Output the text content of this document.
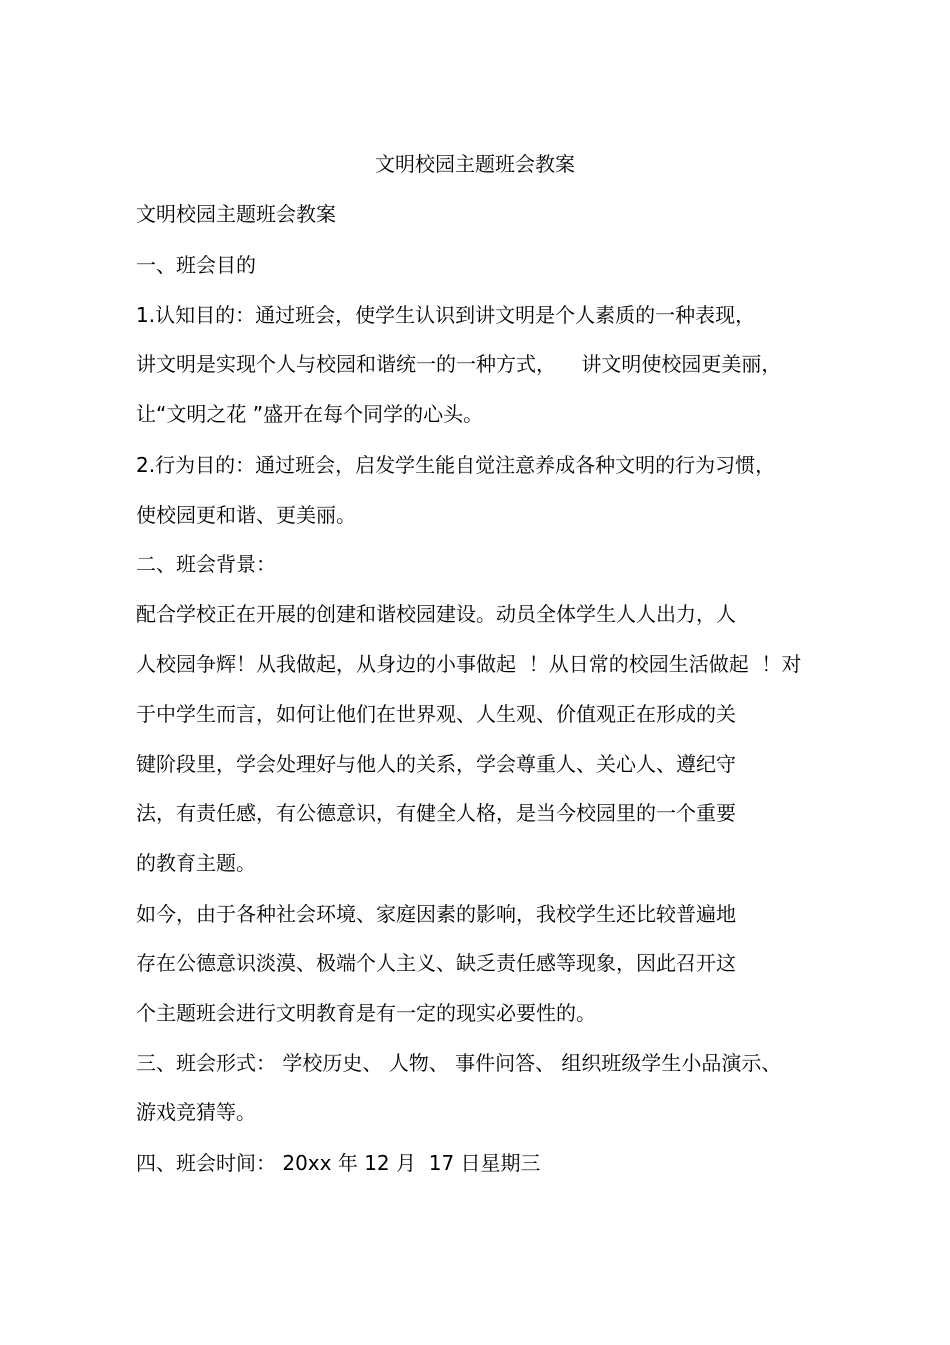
文明校园主题班会教案
文明校园主题班会教案
一、班会目的
1.认知目的：通过班会，使学生认识到讲文明是个人素质的一种表现，
讲文明是实现个人与校园和谐统一的一种方式，    讲文明使校园更美丽，
让“文明之花 ”盛开在每个同学的心头。
2.行为目的：通过班会，启发学生能自觉注意养成各种文明的行为习惯，
使校园更和谐、更美丽。
二、班会背景：
配合学校正在开展的创建和谐校园建设。动员全体学生人人出力，人
人校园争辉！从我做起，从身边的小事做起  ！从日常的校园生活做起  ！对
于中学生而言，如何让他们在世界观、人生观、价值观正在形成的关
键阶段里，学会处理好与他人的关系，学会尊重人、关心人、遵纪守
法，有责任感，有公德意识，有健全人格，是当今校园里的一个重要
的教育主题。
如今，由于各种社会环境、家庭因素的影响，我校学生还比较普遍地
存在公德意识淡漠、极端个人主义、缺乏责任感等现象，因此召开这
个主题班会进行文明教育是有一定的现实必要性的。
三、班会形式： 学校历史、 人物、 事件问答、 组织班级学生小品演示、
游戏竞猜等。
四、班会时间： 20xx 年 12 月  17 日星期三
